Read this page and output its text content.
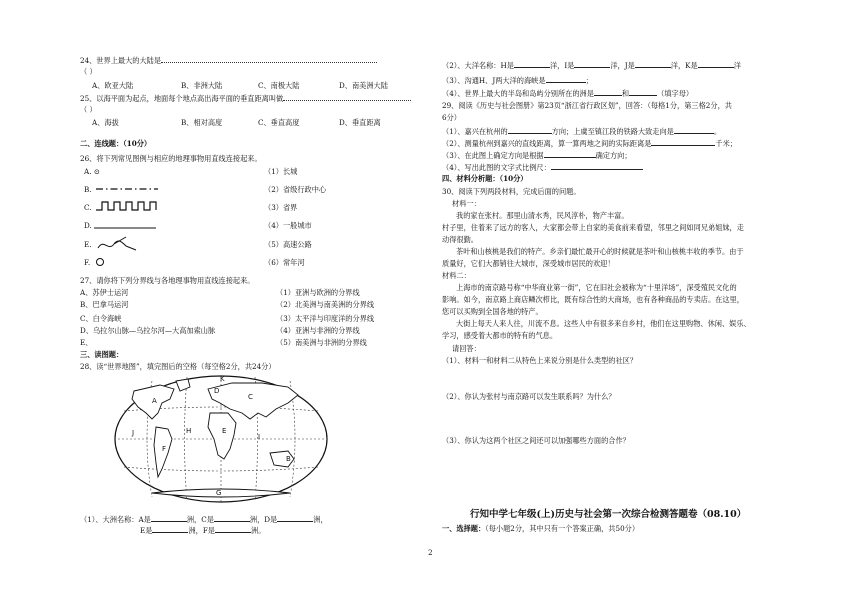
24、世界上最大的大陆是
（ ）
A、欧亚大陆	B、非洲大陆	C、南极大陆	D、南美洲大陆
25、以海平面为起点，地面每个地点高出海平面的垂直距离叫做
（ ）
A、海拔	B、相对高度	C、垂直高度	D、垂直距离
二、连线题：（10分）
26、将下列常见图例与相应的地理事物用直线连接起来。
A. ⊙
B.
C.
D.
E.
F.
（1）长城
（2）省级行政中心
（3）省界
（4）一般城市
（5）高速公路
（6）常年河
27、请你将下列分界线与各地理事物用直线连接起来。
A、苏伊士运河
B、巴拿马运河
C、白令海峡
D、乌拉尔山脉—乌拉尔河—大高加索山脉
E、
（1）亚洲与欧洲的分界线
（2）北美洲与南美洲的分界线
（3）太平洋与印度洋的分界线
（4）亚洲与非洲的分界线
（5）南美洲与非洲的分界线
三、读图题：
28、读“世界地图”，填完图后的空格（每空格2分，共24分）
A
B
C
D
E
F
G
H
I
J
K
（1）、大洲名称：A是	洲，C是	洲，D是	洲，
E是	洲，F是	洲。
（2）、大洋名称：H是	洋，I是	洋，J是	洋，K是	洋
（3）、沟通H、J两大洋的海峡是	；
（4）、世界上最大的半岛和岛屿分别所在的洲是	和	（填字母）
29、阅读《历史与社会图册》第23页“浙江省行政区划”，回答：（每格1分，第三格2分，共
6分）
（1）、嘉兴在杭州的	方向；上虞至镇江段的铁路大致走向是	。
（2）、测量杭州到嘉兴的直线距离，算一算两地之间的实际距离是	千米；
（3）、在此图上确定方向是根据	确定方向；
（4）、写出此图的文字式比例尺：
四、材料分析题：（10分）
30、阅读下列两段材料，完成后面的问题。
材料一：
我的家在张村。那里山清水秀，民风淳朴，物产丰富。
村子里，住着来了远方的客人，大家都会带上自家的美食前来看望，邻里之间如同兄弟姐妹，走
动得很勤。
茶叶和山核桃是我们的特产。乡亲们最忙最开心的时候就是茶叶和山核桃丰收的季节。由于
质量好，它们大都销往大城市，深受城市居民的欢迎！
材料二：
上海市的南京路号称“中华商业第一街”，它在旧社会被称为“十里洋场”，深受殖民文化的
影响。如今，南京路上商店鳞次栉比，既有综合性的大商场，也有各种商品的专卖店。在这里，
您可以买购到全国各地的特产。
大街上每天人来人往，川流不息。这些人中有很多来自乡村，他们在这里购物、休闲、娱乐、
学习，感受着大都市的特有的气息。
请回答：
（1）、材料一和材料二从特色上来说分别是什么类型的社区？
（2）、你认为张村与南京路可以发生联系吗？为什么？
（3）、你认为这两个社区之间还可以加强哪些方面的合作？
行知中学七年级(上)历史与社会第一次综合检测答题卷（08.10）
一、选择题：（每小题2分，其中只有一个答案正确，共50分）
2
